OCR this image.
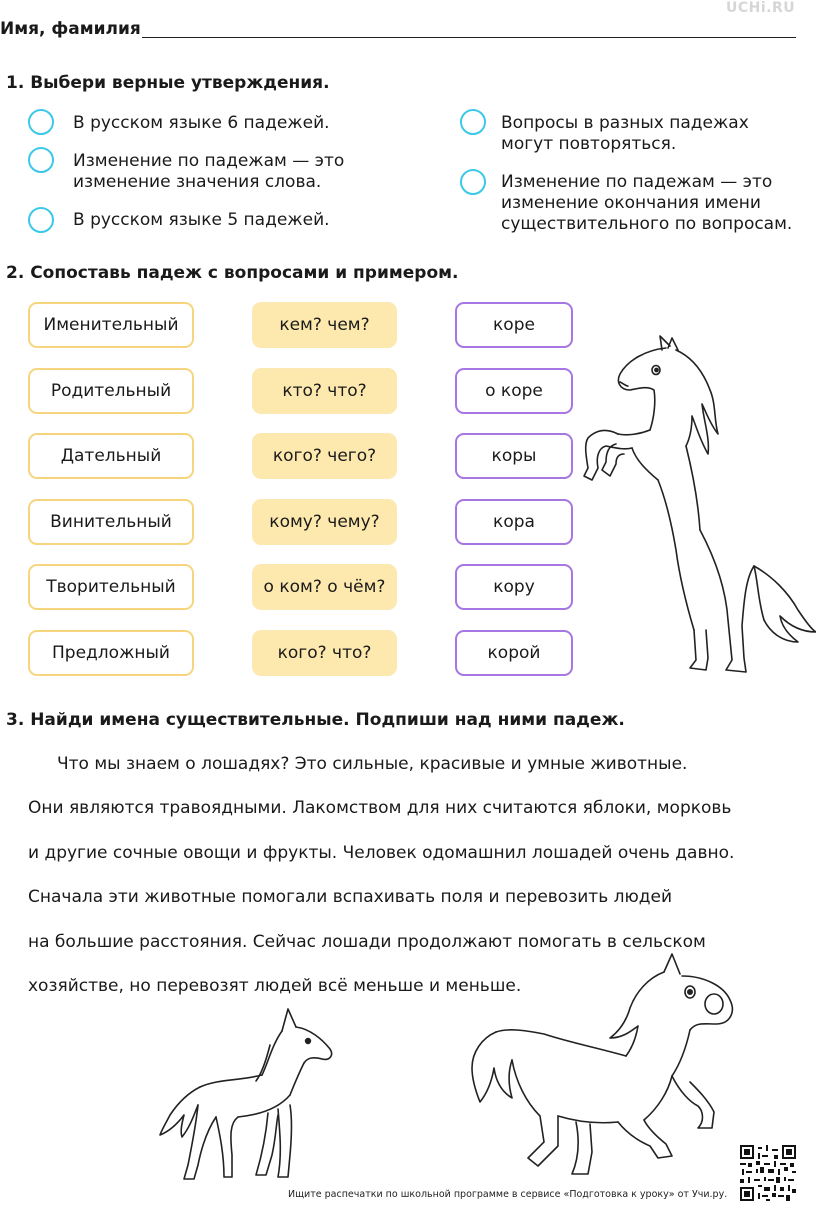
UCHi.RU
Имя, фамилия
1. Выбери верные утверждения.
В русском языке 6 падежей.
Изменение по падежам — это
изменение значения слова.
В русском языке 5 падежей.
Вопросы в разных падежах
могут повторяться.
Изменение по падежам — это
изменение окончания имени
существительного по вопросам.
2. Сопоставь падеж с вопросами и примером.
Именительный
Родительный
Дательный
Винительный
Творительный
Предложный
кем? чем?
кто? что?
кого? чего?
кому? чему?
о ком? о чём?
кого? что?
коре
о коре
коры
кора
кору
корой
3. Найди имена существительные. Подпиши над ними падеж.
Что мы знаем о лошадях? Это сильные, красивые и умные животные.
Они являются травоядными. Лакомством для них считаются яблоки, морковь
и другие сочные овощи и фрукты. Человек одомашнил лошадей очень давно.
Сначала эти животные помогали вспахивать поля и перевозить людей
на большие расстояния. Сейчас лошади продолжают помогать в сельском
хозяйстве, но перевозят людей всё меньше и меньше.
Ищите распечатки по школьной программе в сервисе «Подготовка к уроку» от Учи.ру.
